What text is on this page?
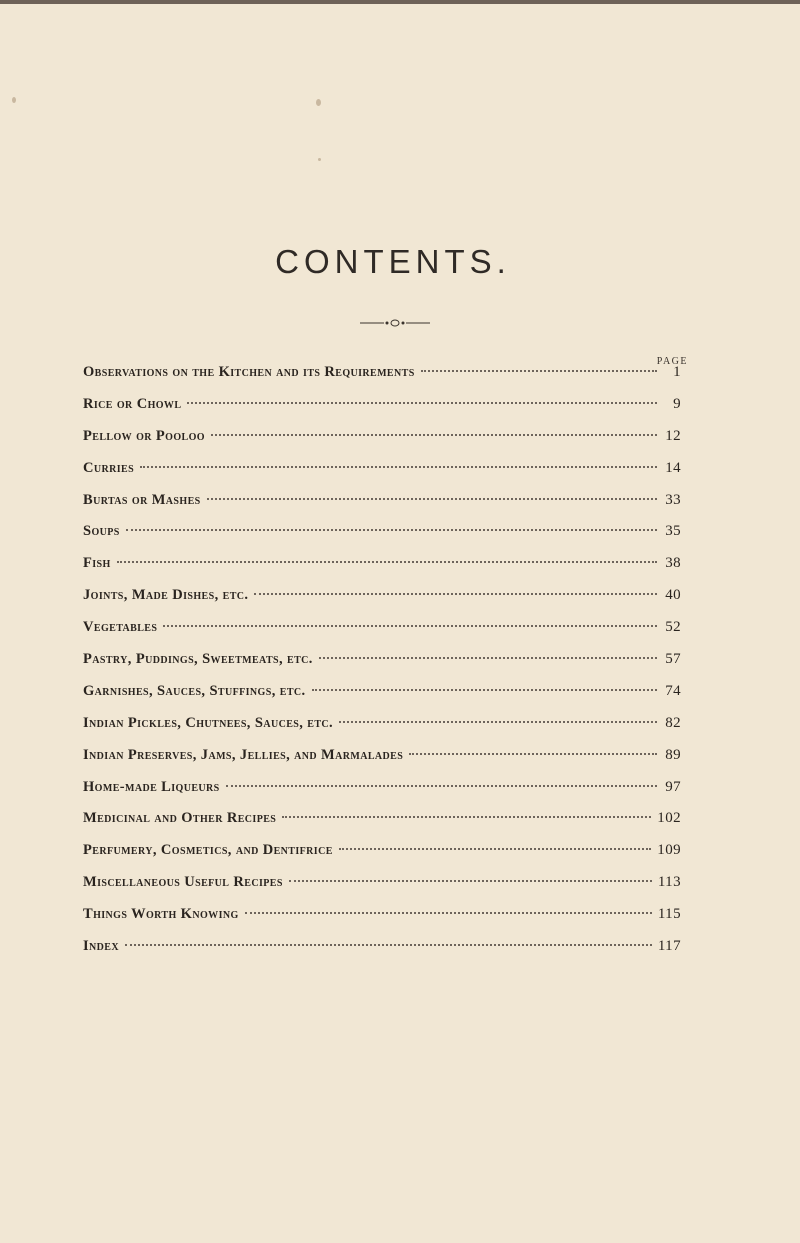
CONTENTS.
PAGE
Observations on the Kitchen and its Requirements	1
Rice or Chowl	9
Pellow or Pooloo	12
Curries	14
Burtas or Mashes	33
Soups	35
Fish	38
Joints, Made Dishes, etc.	40
Vegetables	52
Pastry, Puddings, Sweetmeats, etc.	57
Garnishes, Sauces, Stuffings, etc.	74
Indian Pickles, Chutnees, Sauces, etc.	82
Indian Preserves, Jams, Jellies, and Marmalades	89
Home-made Liqueurs	97
Medicinal and Other Recipes	102
Perfumery, Cosmetics, and Dentifrice	109
Miscellaneous Useful Recipes	113
Things Worth Knowing	115
Index	117
